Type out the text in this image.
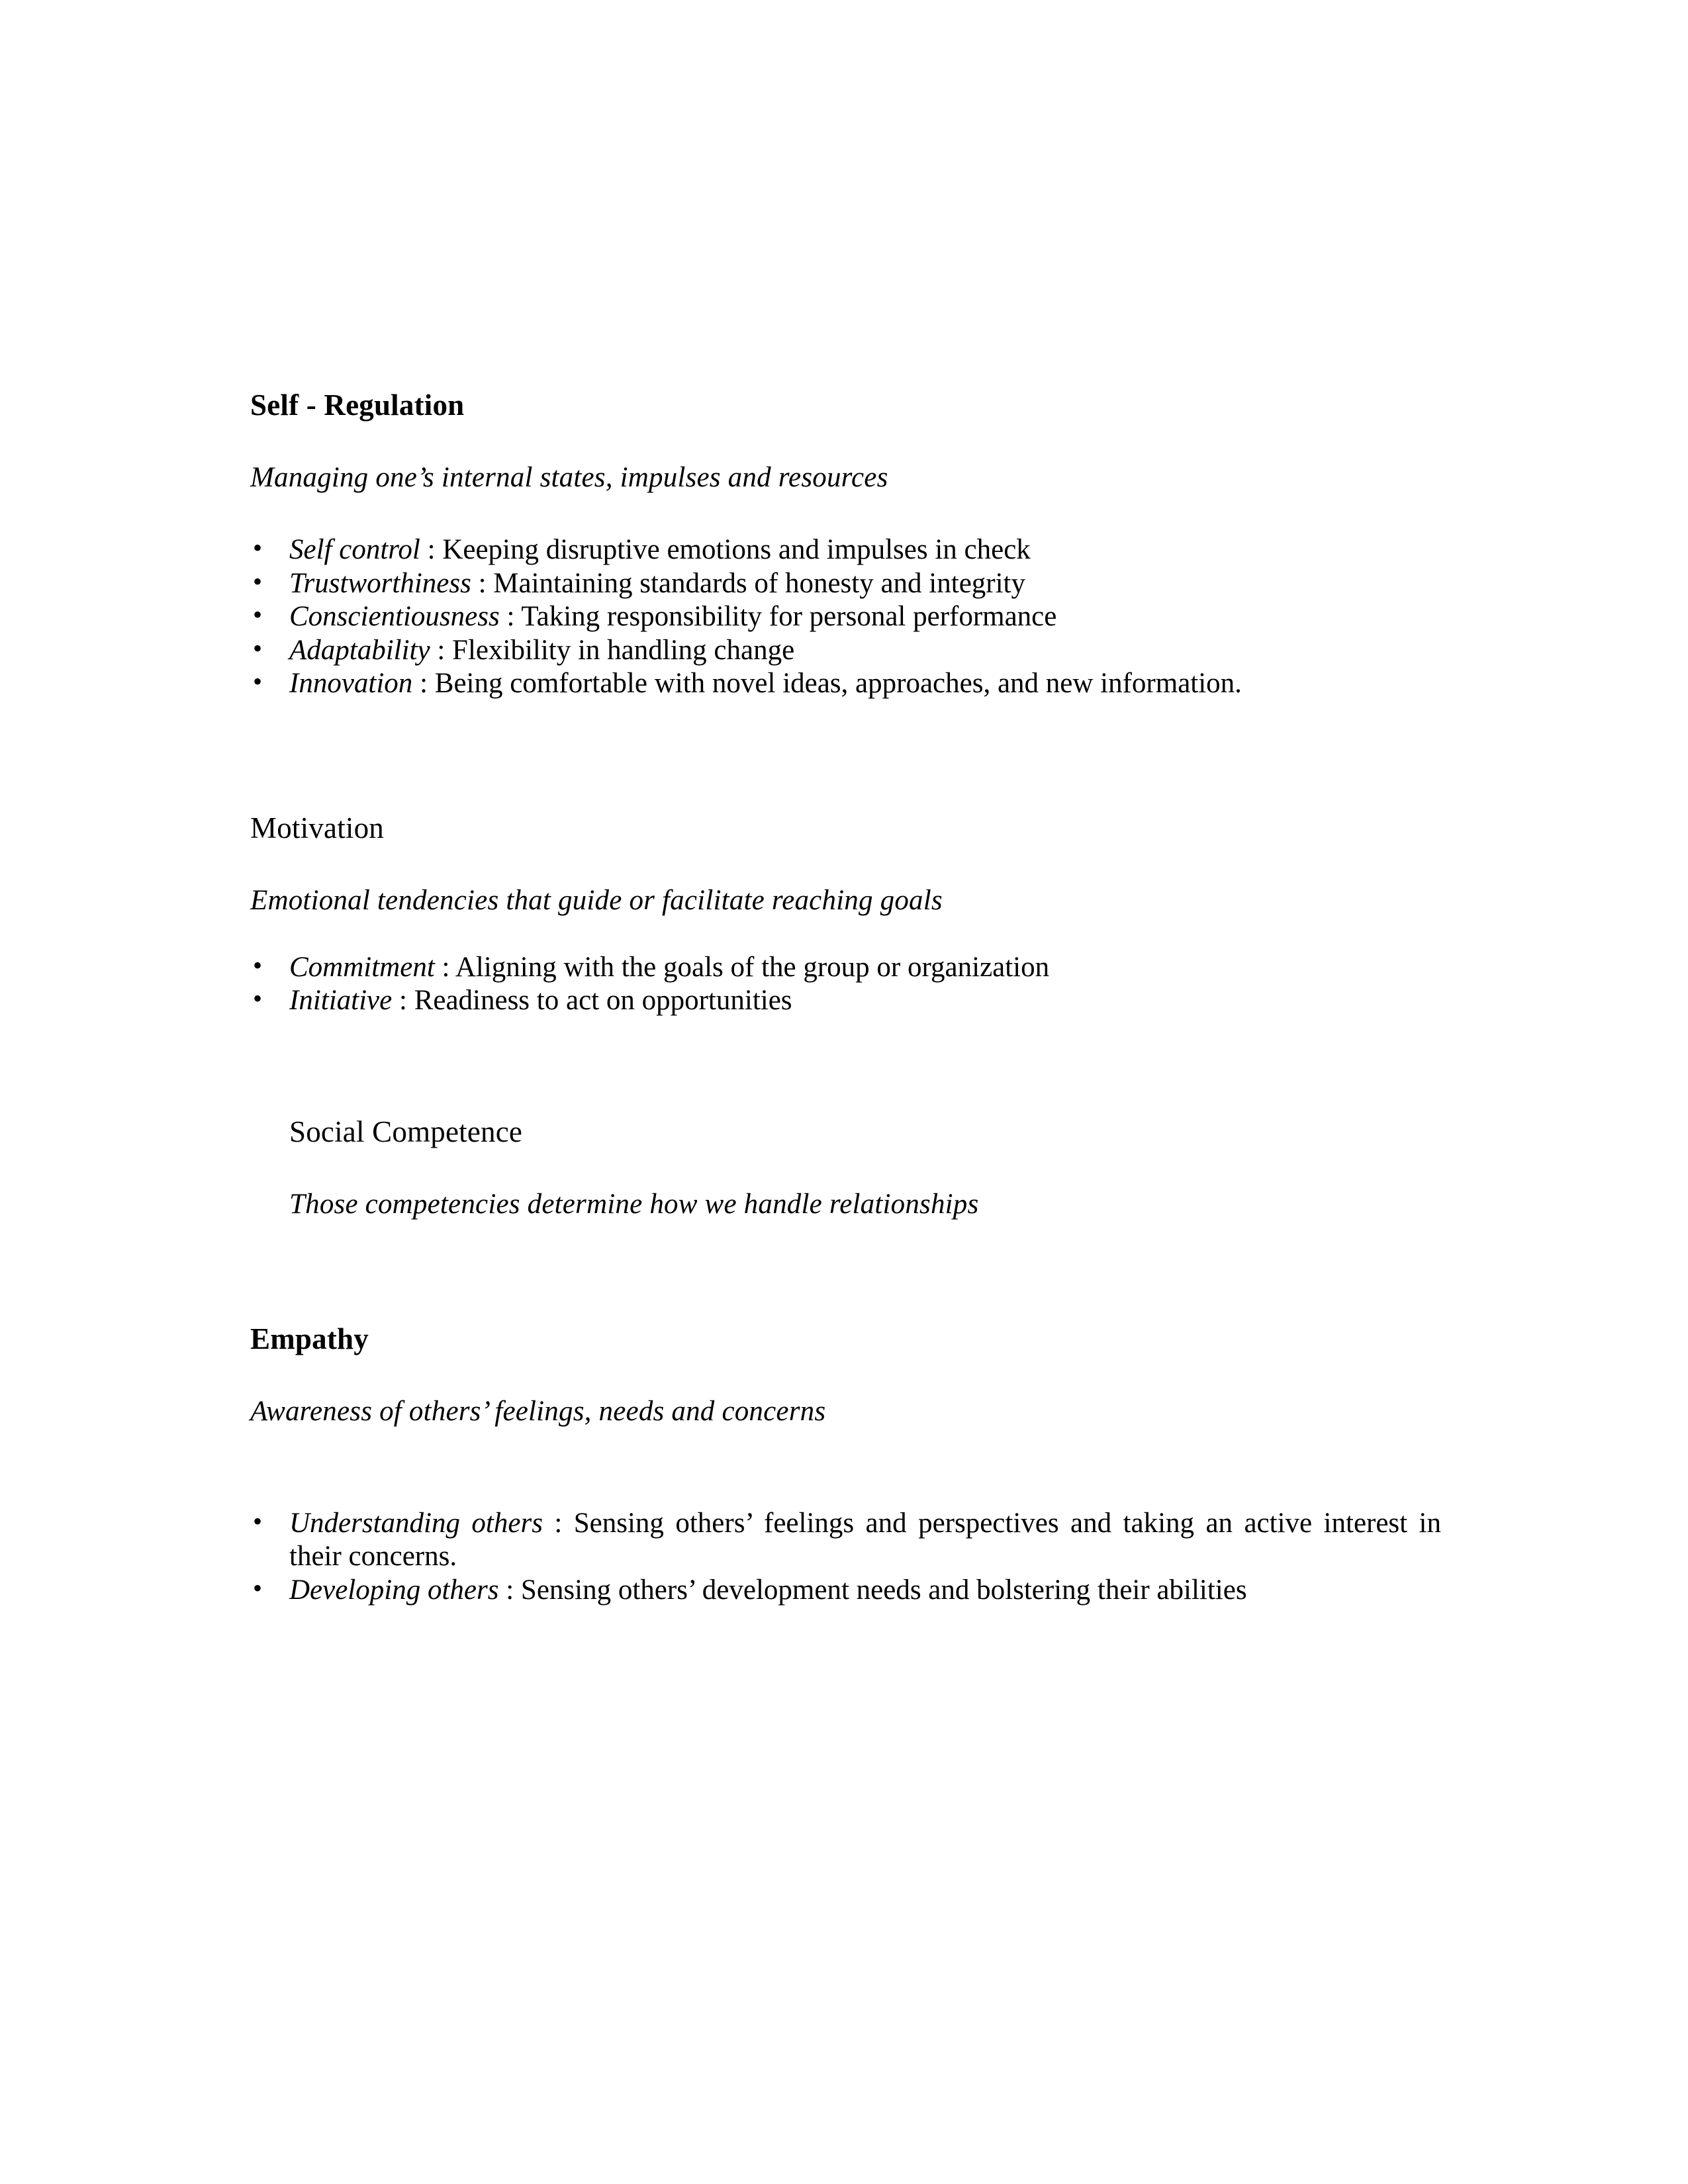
Self - Regulation

Managing one’s internal states, impulses and resources

• Self control : Keeping disruptive emotions and impulses in check
• Trustworthiness : Maintaining standards of honesty and integrity
• Conscientiousness : Taking responsibility for personal performance
• Adaptability : Flexibility in handling change
• Innovation : Being comfortable with novel ideas, approaches, and new information.
Motivation

Emotional tendencies that guide or facilitate reaching goals

• Commitment : Aligning with the goals of the group or organization
• Initiative : Readiness to act on opportunities
Social Competence

Those competencies determine how we handle relationships

Empathy

Awareness of others’ feelings, needs and concerns

• Understanding others : Sensing others’ feelings and perspectives and taking an active interest in their concerns.
• Developing others : Sensing others’ development needs and bolstering their abilities
